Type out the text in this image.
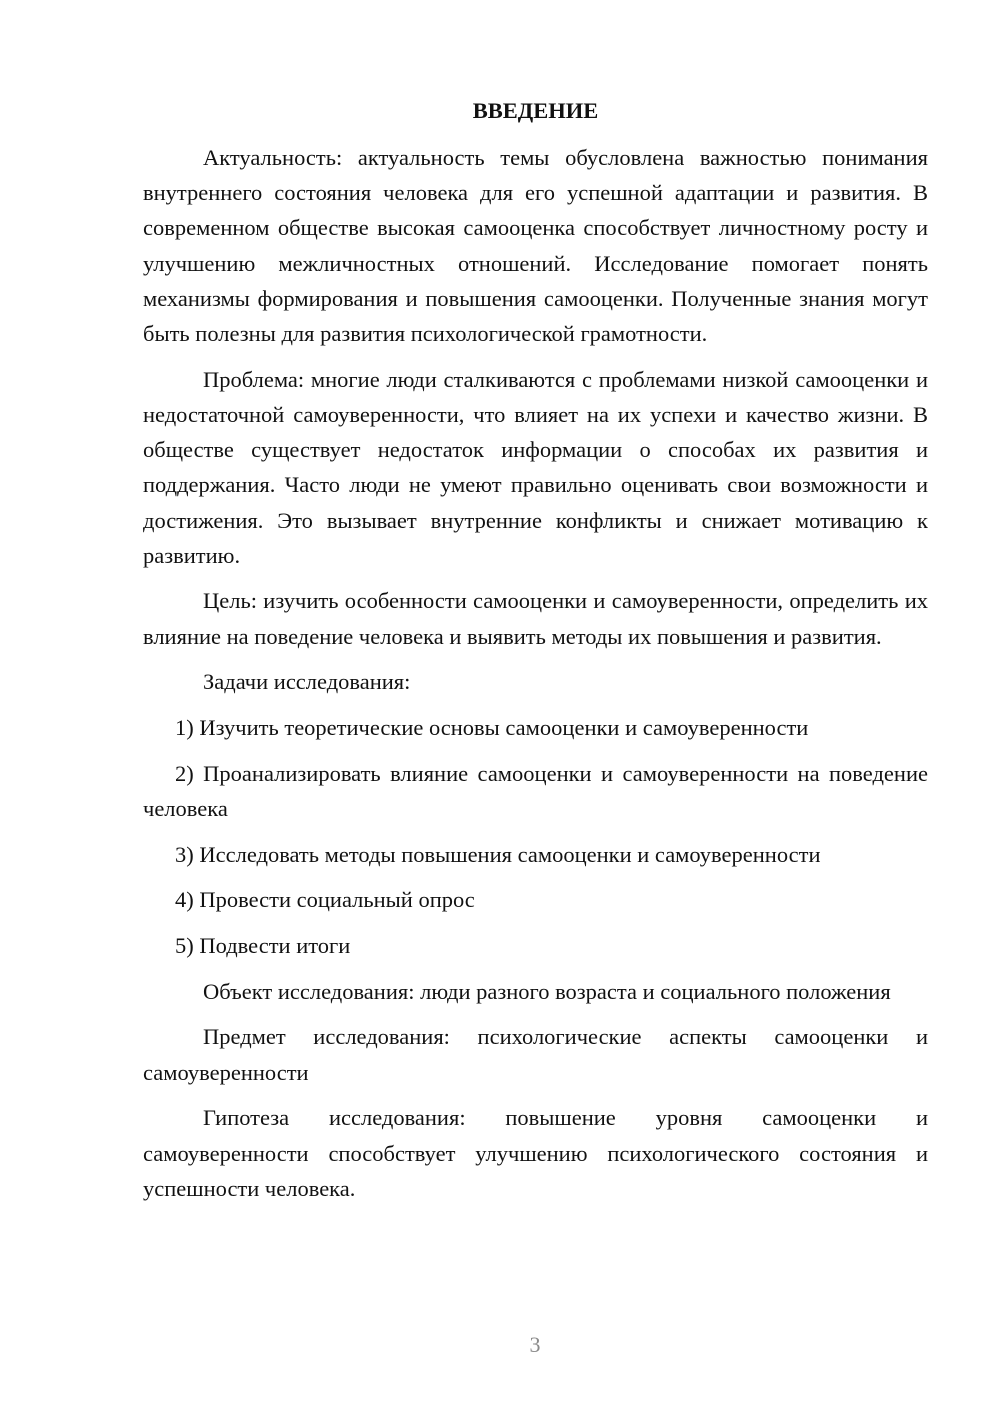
ВВЕДЕНИЕ

Актуальность: актуальность темы обусловлена важностью понимания внутреннего состояния человека для его успешной адаптации и развития. В современном обществе высокая самооценка способствует личностному росту и улучшению межличностных отношений. Исследование помогает понять механизмы формирования и повышения самооценки. Полученные знания могут быть полезны для развития психологической грамотности.

Проблема: многие люди сталкиваются с проблемами низкой самооценки и недостаточной самоуверенности, что влияет на их успехи и качество жизни. В обществе существует недостаток информации о способах их развития и поддержания. Часто люди не умеют правильно оценивать свои возможности и достижения. Это вызывает внутренние конфликты и снижает мотивацию к развитию.

Цель: изучить особенности самооценки и самоуверенности, определить их влияние на поведение человека и выявить методы их повышения и развития.

Задачи исследования:

1) Изучить теоретические основы самооценки и самоуверенности

2) Проанализировать влияние самооценки и самоуверенности на поведение человека

3) Исследовать методы повышения самооценки и самоуверенности

4) Провести социальный опрос

5) Подвести итоги

Объект исследования: люди разного возраста и социального положения

Предмет исследования: психологические аспекты самооценки и самоуверенности

Гипотеза исследования: повышение уровня самооценки и самоуверенности способствует улучшению психологического состояния и успешности человека.

3
